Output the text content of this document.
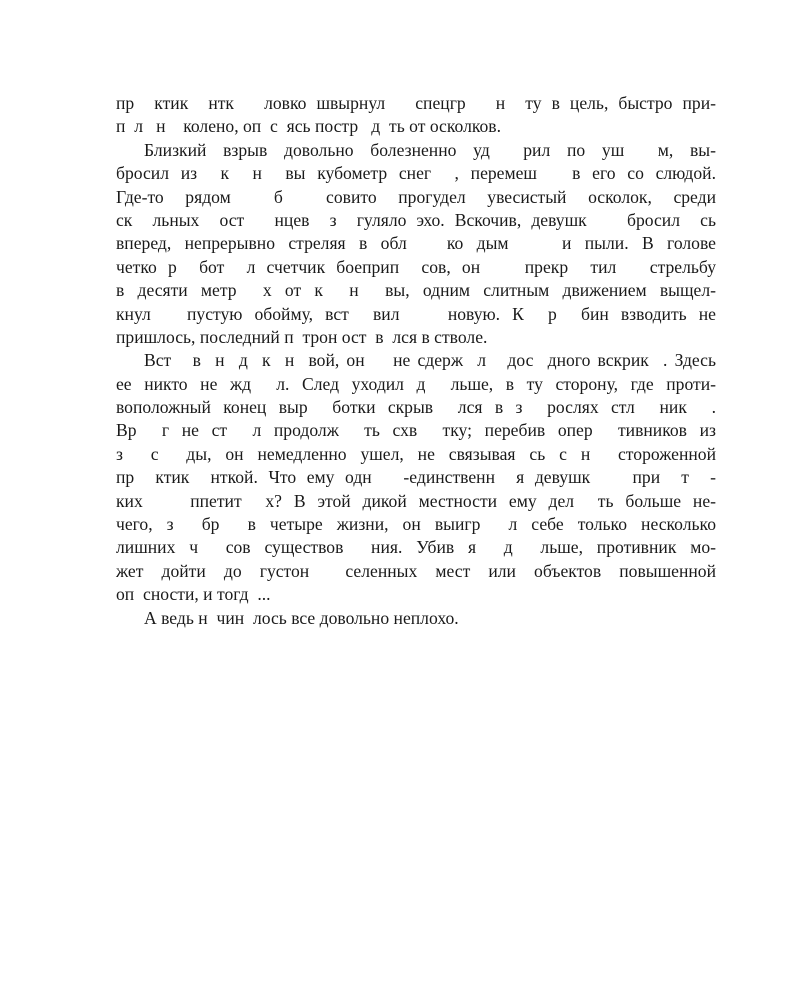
пр  ктик  нтк   ловко швырнул   спецгр   н  ту в цель, быстро при-
п  л   н    колено, оп  с  ясь постр   д  ть от осколков.
Близкий взрыв довольно болезненно уд  рил по уш  м, вы-
бросил из  к  н  вы кубометр снег  , перемеш   в его со слюдой.
Где-то рядом  б  совито прогудел увесистый осколок, среди
ск  льных  ост   нцев  з  гуляло эхо. Вскочив, девушк    бросил  сь
вперед, непрерывно стреляя в обл   ко дым    и пыли. В голове
четко р  бот  л счетчик боеприп  сов, он    прекр  тил   стрельбу
в десяти метр  х от к  н  вы, одним слитным движением выщел-
кнул   пустую обойму, вст  вил    новую. К  р  бин взводить не
пришлось, последний п  трон ост  в  лся в стволе.
Вст   в  н  д  к  н  вой, он    не сдерж  л   дос  дного вскрик  . Здесь
ее никто не жд  л. След уходил д  льше, в ту сторону, где проти-
воположный конец выр  ботки скрыв  лся в з  рослях стл  ник  .
Вр  г не ст  л продолж  ть схв  тку; перебив опер  тивников из
з  с  ды, он немедленно ушел, не связывая сь с н  стороженной
пр  ктик  нткой. Что ему одн   -единственн  я девушк    при  т  -
ких    ппетит  х? В этой дикой местности ему дел  ть больше не-
чего, з  бр  в четыре жизни, он выигр  л себе только несколько
лишних ч  сов существов  ния. Убив я  д  льше, противник мо-
жет дойти до густон  селенных мест или объектов повышенной
оп  сности, и тогд  ...
А ведь н  чин  лось все довольно неплохо.
